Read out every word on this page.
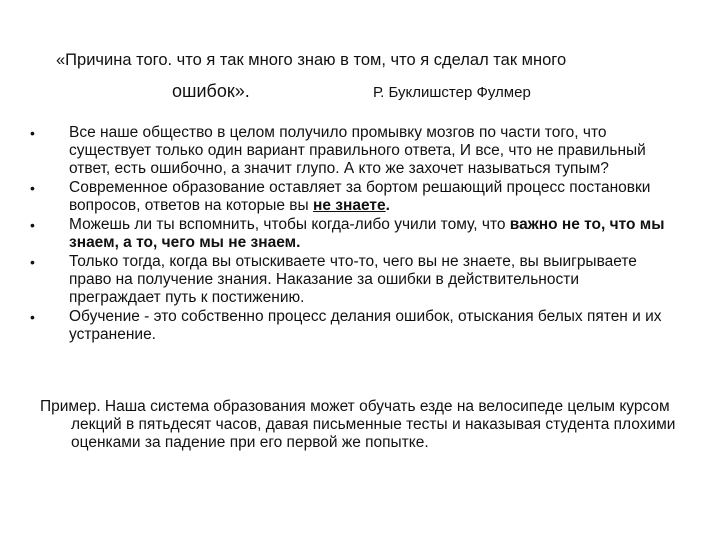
«Причина того. что я так много знаю в том, что я сделал так много
ошибок».	Р. Буклишстер Фулмер
• Все наше общество в целом получило промывку мозгов по части того, что существует только один вариант правильного ответа, И все, что не правильный ответ, есть ошибочно, а значит глупо. А кто же захочет называться тупым?
• Современное образование оставляет за бортом решающий процесс постановки вопросов, ответов на которые вы не знаете.
• Можешь ли ты вспомнить, чтобы когда-либо учили тому, что важно не то, что мы знаем, а то, чего мы не знаем.
• Только тогда, когда вы отыскиваете что-то, чего вы не знаете, вы выигрываете право на получение знания. Наказание за ошибки в действительности преграждает путь к постижению.
• Обучение - это собственно процесс делания ошибок, отыскания белых пятен и их устранение.
Пример. Наша система образования может обучать езде на велосипеде целым курсом лекций в пятьдесят часов, давая письменные тесты и наказывая студента плохими оценками за падение при его первой же попытке.
